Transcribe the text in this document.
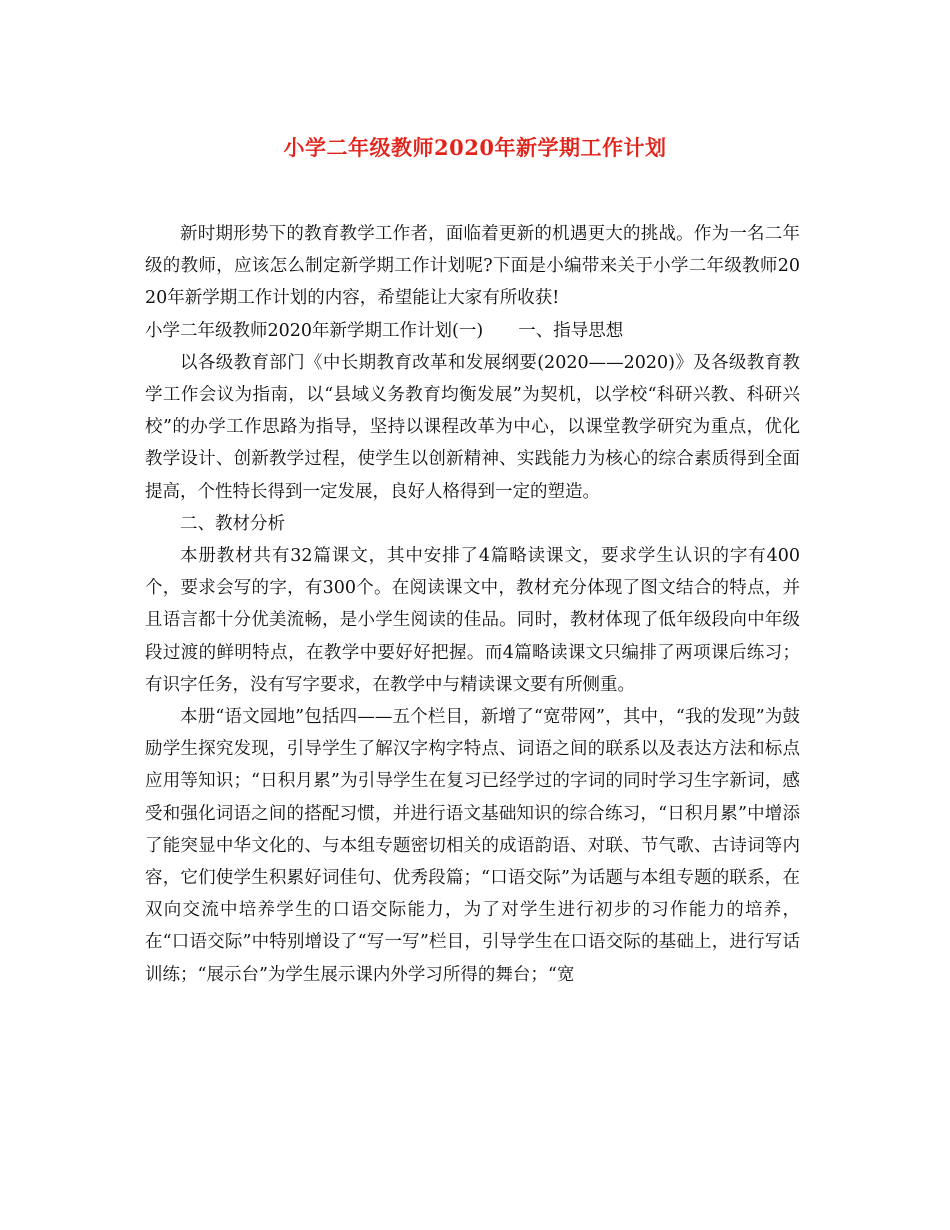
小学二年级教师2020年新学期工作计划

新时期形势下的教育教学工作者，面临着更新的机遇更大的挑战。作为一名二年级的教师，应该怎么制定新学期工作计划呢?下面是小编带来关于小学二年级教师2020年新学期工作计划的内容，希望能让大家有所收获!

小学二年级教师2020年新学期工作计划(一) 一、指导思想

以各级教育部门《中长期教育改革和发展纲要(2020——2020)》及各级教育教学工作会议为指南，以“县域义务教育均衡发展”为契机，以学校“科研兴教、科研兴校”的办学工作思路为指导，坚持以课程改革为中心，以课堂教学研究为重点，优化教学设计、创新教学过程，使学生以创新精神、实践能力为核心的综合素质得到全面提高，个性特长得到一定发展，良好人格得到一定的塑造。

二、教材分析

本册教材共有32篇课文，其中安排了4篇略读课文，要求学生认识的字有400个，要求会写的字，有300个。在阅读课文中，教材充分体现了图文结合的特点，并且语言都十分优美流畅，是小学生阅读的佳品。同时，教材体现了低年级段向中年级段过渡的鲜明特点，在教学中要好好把握。而4篇略读课文只编排了两项课后练习；有识字任务，没有写字要求，在教学中与精读课文要有所侧重。

本册“语文园地”包括四——五个栏目，新增了“宽带网”，其中，“我的发现”为鼓励学生探究发现，引导学生了解汉字构字特点、词语之间的联系以及表达方法和标点应用等知识；“日积月累”为引导学生在复习已经学过的字词的同时学习生字新词，感受和强化词语之间的搭配习惯，并进行语文基础知识的综合练习，“日积月累”中增添了能突显中华文化的、与本组专题密切相关的成语韵语、对联、节气歌、古诗词等内容，它们使学生积累好词佳句、优秀段篇；“口语交际”为话题与本组专题的联系，在双向交流中培养学生的口语交际能力，为了对学生进行初步的习作能力的培养，在“口语交际”中特别增设了“写一写”栏目，引导学生在口语交际的基础上，进行写话训练；“展示台”为学生展示课内外学习所得的舞台；“宽
